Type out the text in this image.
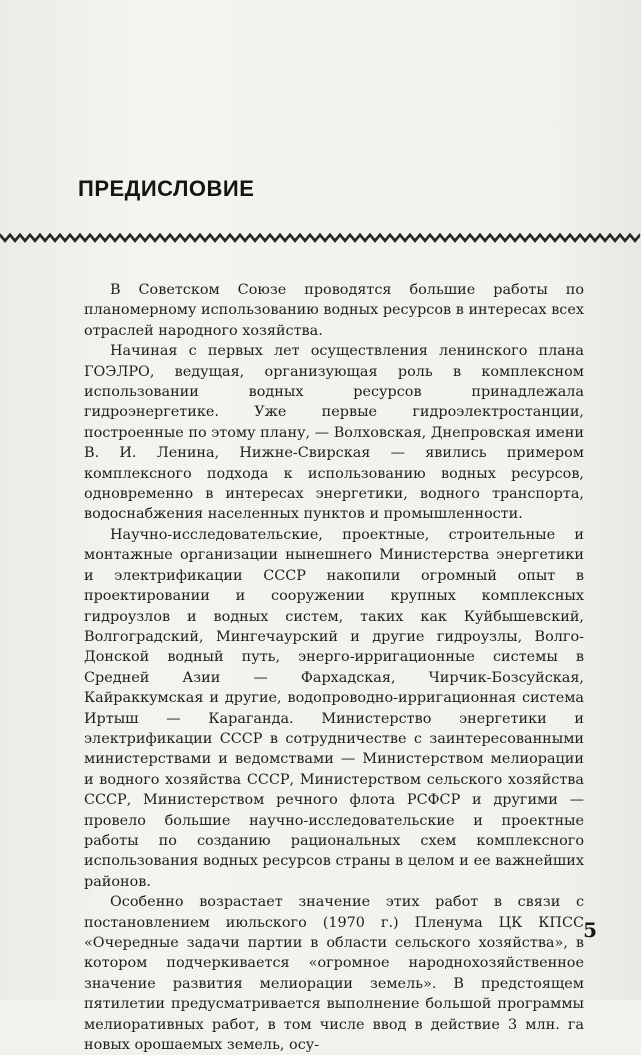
ПРЕДИСЛОВИЕ

В Советском Союзе проводятся большие работы по планомерному использованию водных ресурсов в интересах всех отраслей народного хозяйства.

Начиная с первых лет осуществления ленинского плана ГОЭЛРО, ведущая, организующая роль в комплексном использовании водных ресурсов принадлежала гидроэнергетике. Уже первые гидроэлектростанции, построенные по этому плану, — Волховская, Днепровская имени В. И. Ленина, Нижне-Свирская — явились примером комплексного подхода к использованию водных ресурсов, одновременно в интересах энергетики, водного транспорта, водоснабжения населенных пунктов и промышленности.

Научно-исследовательские, проектные, строительные и монтажные организации нынешнего Министерства энергетики и электрификации СССР накопили огромный опыт в проектировании и сооружении крупных комплексных гидроузлов и водных систем, таких как Куйбышевский, Волгоградский, Мингечаурский и другие гидроузлы, Волго-Донской водный путь, энерго-ирригационные системы в Средней Азии — Фархадская, Чирчик-Бозсуйская, Кайраккумская и другие, водопроводно-ирригационная система Иртыш — Караганда. Министерство энергетики и электрификации СССР в сотрудничестве с заинтересованными министерствами и ведомствами — Министерством мелиорации и водного хозяйства СССР, Министерством сельского хозяйства СССР, Министерством речного флота РСФСР и другими — провело большие научно-исследовательские и проектные работы по созданию рациональных схем комплексного использования водных ресурсов страны в целом и ее важнейших районов.

Особенно возрастает значение этих работ в связи с постановлением июльского (1970 г.) Пленума ЦК КПСС «Очередные задачи партии в области сельского хозяйства», в котором подчеркивается «огромное народнохозяйственное значение развития мелиорации земель». В предстоящем пятилетии предусматривается выполнение большой программы мелиоративных работ, в том числе ввод в действие 3 млн. га новых орошаемых земель, осу-

5
